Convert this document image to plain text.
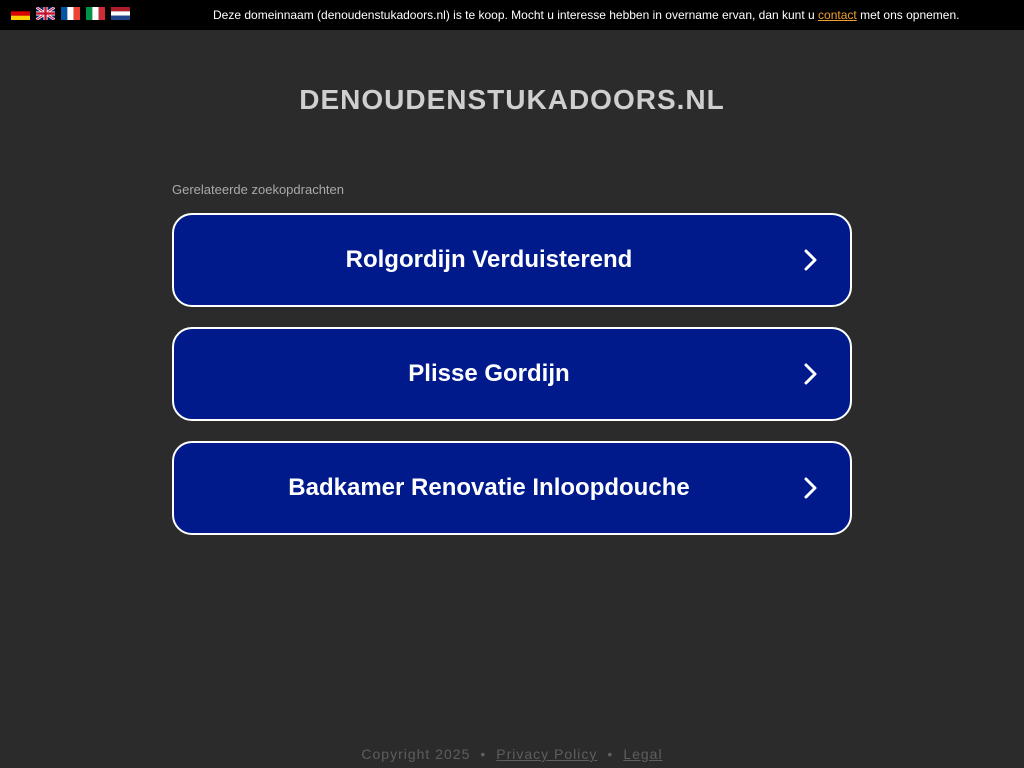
Deze domeinnaam (denoudenstukadoors.nl) is te koop. Mocht u interesse hebben in overname ervan, dan kunt u contact met ons opnemen.
DENOUDENSTUKADOORS.NL
Gerelateerde zoekopdrachten
Rolgordijn Verduisterend
Plisse Gordijn
Badkamer Renovatie Inloopdouche
Copyright 2025 • Privacy Policy • Legal
